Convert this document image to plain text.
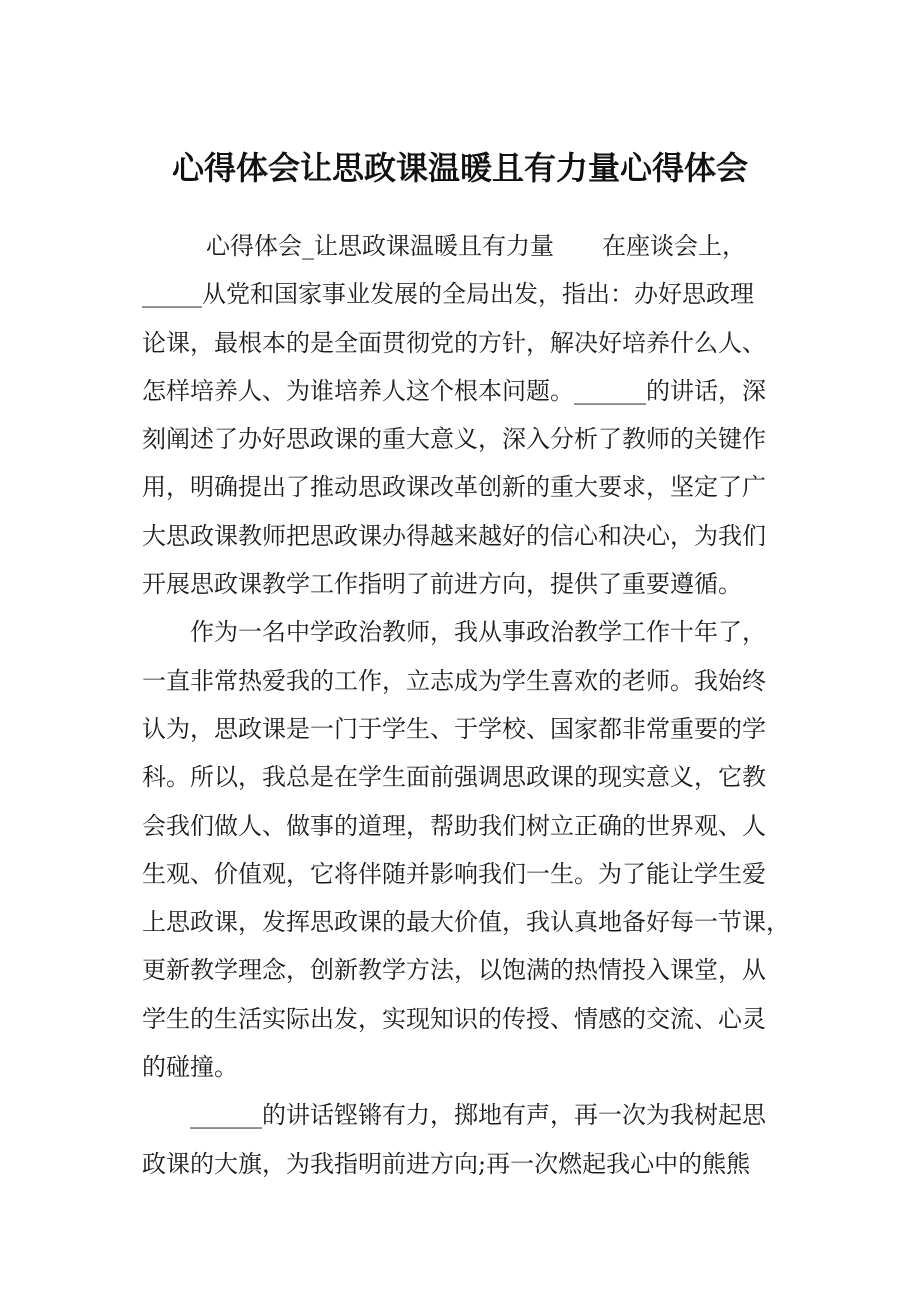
心得体会让思政课温暖且有力量心得体会
心得体会_让思政课温暖且有力量　　在座谈会上，
_____从党和国家事业发展的全局出发，指出：办好思政理
论课，最根本的是全面贯彻党的方针，解决好培养什么人、
怎样培养人、为谁培养人这个根本问题。______的讲话，深
刻阐述了办好思政课的重大意义，深入分析了教师的关键作
用，明确提出了推动思政课改革创新的重大要求，坚定了广
大思政课教师把思政课办得越来越好的信心和决心，为我们
开展思政课教学工作指明了前进方向，提供了重要遵循。
作为一名中学政治教师，我从事政治教学工作十年了，
一直非常热爱我的工作，立志成为学生喜欢的老师。我始终
认为，思政课是一门于学生、于学校、国家都非常重要的学
科。所以，我总是在学生面前强调思政课的现实意义，它教
会我们做人、做事的道理，帮助我们树立正确的世界观、人
生观、价值观，它将伴随并影响我们一生。为了能让学生爱
上思政课，发挥思政课的最大价值，我认真地备好每一节课，
更新教学理念，创新教学方法，以饱满的热情投入课堂，从
学生的生活实际出发，实现知识的传授、情感的交流、心灵
的碰撞。
______的讲话铿锵有力，掷地有声，再一次为我树起思
政课的大旗，为我指明前进方向;再一次燃起我心中的熊熊
